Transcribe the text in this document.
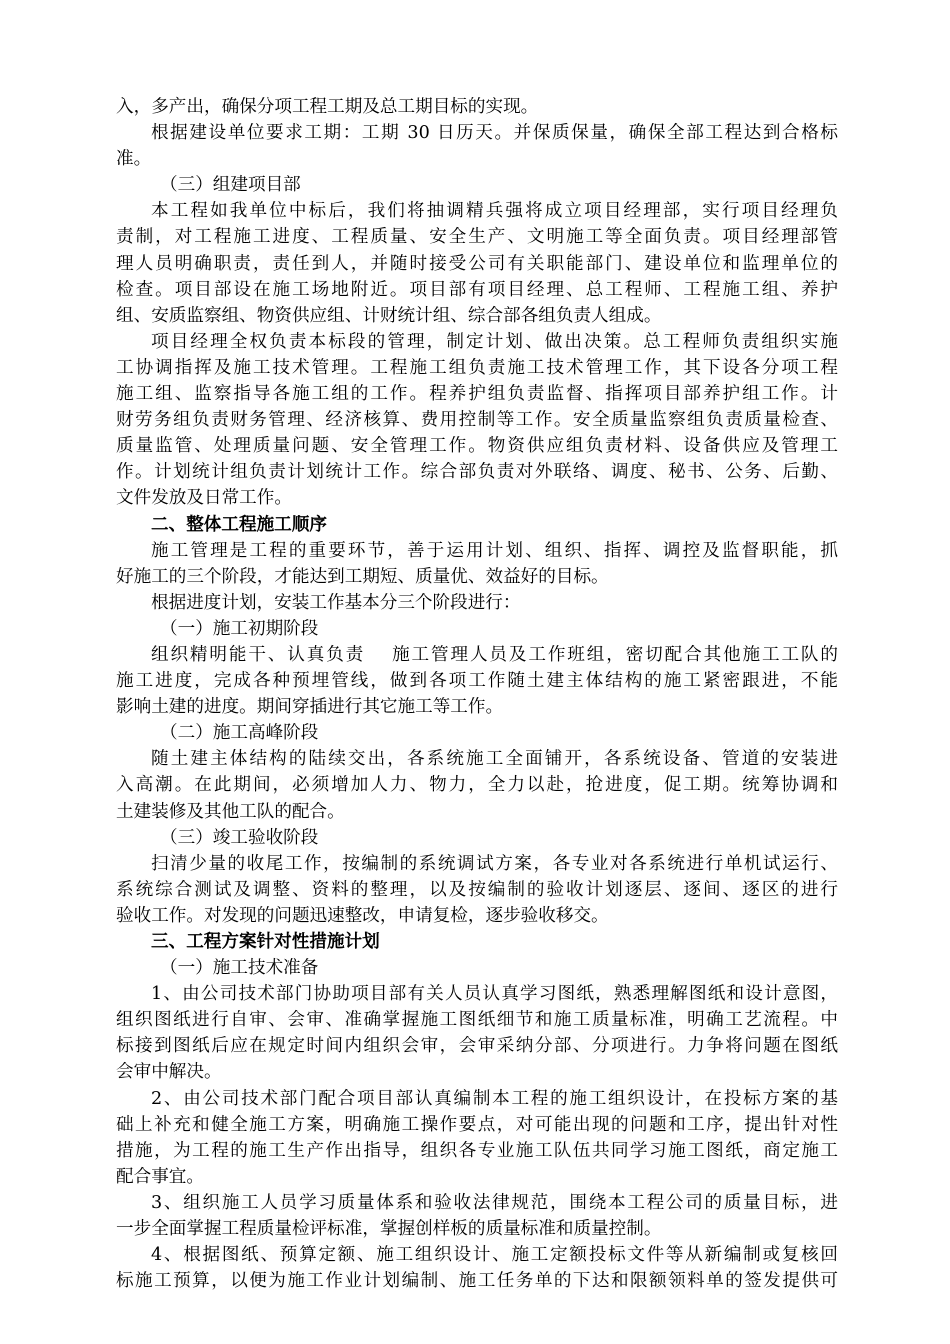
入，多产出，确保分项工程工期及总工期目标的实现。
根据建设单位要求工期：工期 30 日历天。并保质保量，确保全部工程达到合格标
准。
（三）组建项目部
本工程如我单位中标后，我们将抽调精兵强将成立项目经理部，实行项目经理负
责制，对工程施工进度、工程质量、安全生产、文明施工等全面负责。项目经理部管
理人员明确职责，责任到人，并随时接受公司有关职能部门、建设单位和监理单位的
检查。项目部设在施工场地附近。项目部有项目经理、总工程师、工程施工组、养护
组、安质监察组、物资供应组、计财统计组、综合部各组负责人组成。
项目经理全权负责本标段的管理，制定计划、做出决策。总工程师负责组织实施
工协调指挥及施工技术管理。工程施工组负责施工技术管理工作，其下设各分项工程
施工组、监察指导各施工组的工作。程养护组负责监督、指挥项目部养护组工作。计
财劳务组负责财务管理、经济核算、费用控制等工作。安全质量监察组负责质量检查、
质量监管、处理质量问题、安全管理工作。物资供应组负责材料、设备供应及管理工
作。计划统计组负责计划统计工作。综合部负责对外联络、调度、秘书、公务、后勤、
文件发放及日常工作。
二、整体工程施工顺序
施工管理是工程的重要环节，善于运用计划、组织、指挥、调控及监督职能，抓
好施工的三个阶段，才能达到工期短、质量优、效益好的目标。
根据进度计划，安装工作基本分三个阶段进行：
（一）施工初期阶段
组织精明能干、认真负责　 施工管理人员及工作班组，密切配合其他施工工队的
施工进度，完成各种预埋管线，做到各项工作随土建主体结构的施工紧密跟进，不能
影响土建的进度。期间穿插进行其它施工等工作。
（二）施工高峰阶段
随土建主体结构的陆续交出，各系统施工全面铺开，各系统设备、管道的安装进
入高潮。在此期间，必须增加人力、物力，全力以赴，抢进度，促工期。统筹协调和
土建装修及其他工队的配合。
（三）竣工验收阶段
扫清少量的收尾工作，按编制的系统调试方案，各专业对各系统进行单机试运行、
系统综合测试及调整、资料的整理，以及按编制的验收计划逐层、逐间、逐区的进行
验收工作。对发现的问题迅速整改，申请复检，逐步验收移交。
三、工程方案针对性措施计划
（一）施工技术准备
1、由公司技术部门协助项目部有关人员认真学习图纸，熟悉理解图纸和设计意图，
组织图纸进行自审、会审、准确掌握施工图纸细节和施工质量标准，明确工艺流程。中
标接到图纸后应在规定时间内组织会审，会审采纳分部、分项进行。力争将问题在图纸
会审中解决。
2、由公司技术部门配合项目部认真编制本工程的施工组织设计，在投标方案的基
础上补充和健全施工方案，明确施工操作要点，对可能出现的问题和工序，提出针对性
措施，为工程的施工生产作出指导，组织各专业施工队伍共同学习施工图纸，商定施工
配合事宜。
3、组织施工人员学习质量体系和验收法律规范，围绕本工程公司的质量目标，进
一步全面掌握工程质量检评标准，掌握创样板的质量标准和质量控制。
4、根据图纸、预算定额、施工组织设计、施工定额投标文件等从新编制或复核回
标施工预算，以便为施工作业计划编制、施工任务单的下达和限额领料单的签发提供可
